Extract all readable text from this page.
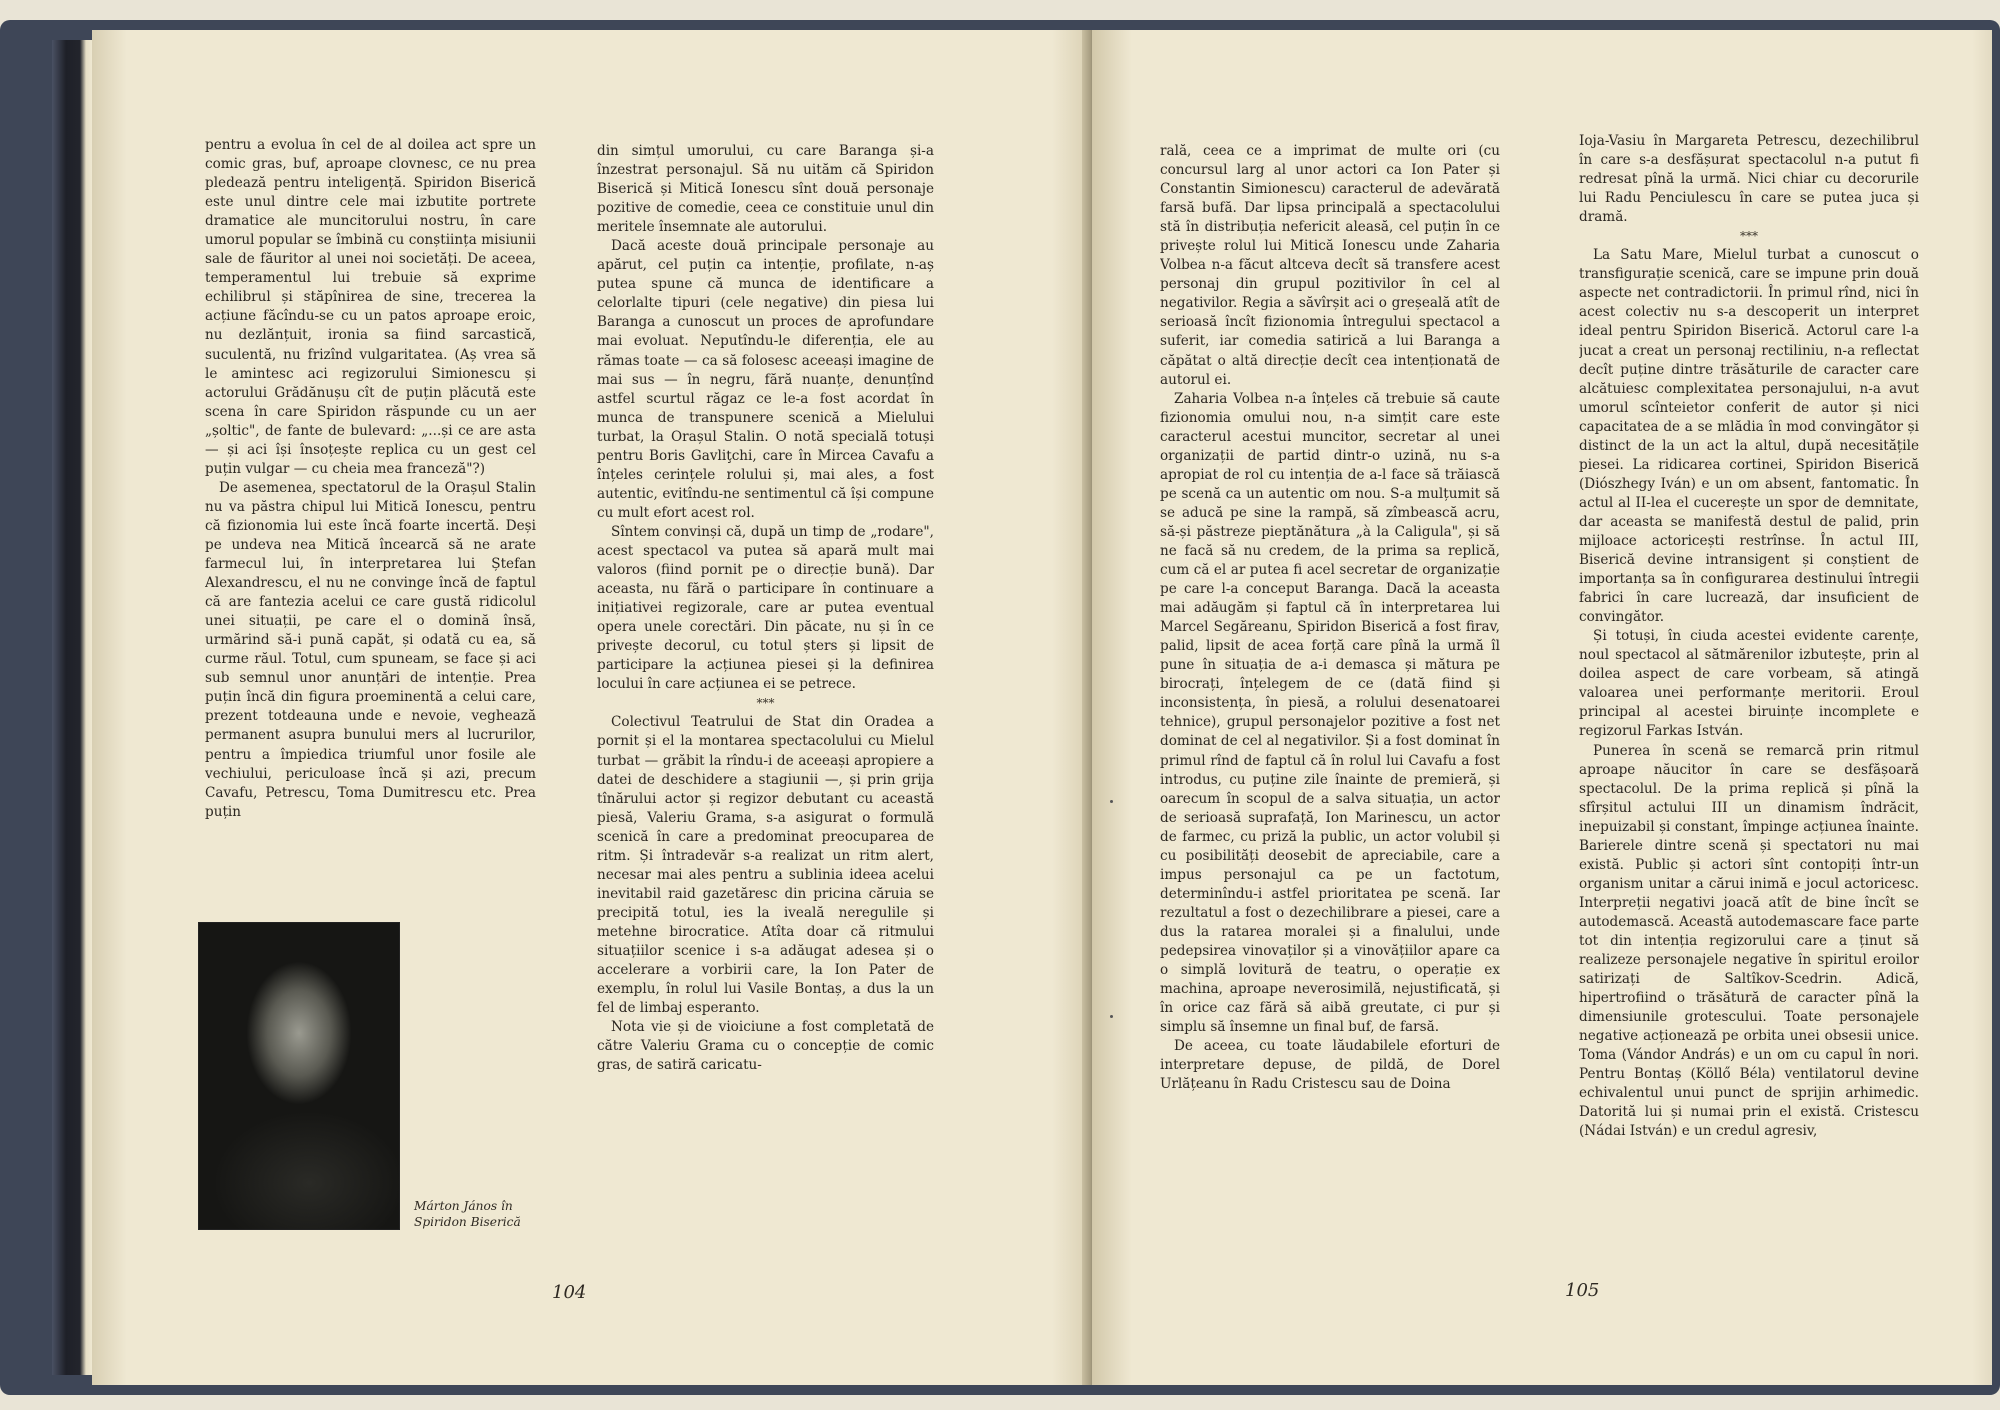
pentru a evolua în cel de al doilea act spre un comic gras, buf, aproape clovnesc, ce nu prea pledează pentru inteligență. Spiridon Biserică este unul dintre cele mai izbutite portrete dramatice ale muncitorului nostru, în care umorul popular se îmbină cu conștiința misiunii sale de făuritor al unei noi societăți. De aceea, temperamentul lui trebuie să exprime echilibrul și stăpînirea de sine, trecerea la acțiune făcîndu-se cu un patos aproape eroic, nu dezlănțuit, ironia sa fiind sarcastică, suculentă, nu frizînd vulgaritatea. (Aș vrea să le amintesc aci regizorului Simionescu și actorului Grădănușu cît de puțin plăcută este scena în care Spiridon răspunde cu un aer „șoltic", de fante de bulevard: „...și ce are asta — și aci își însoțește replica cu un gest cel puțin vulgar — cu cheia mea franceză"?)

De asemenea, spectatorul de la Orașul Stalin nu va păstra chipul lui Mitică Ionescu, pentru că fizionomia lui este încă foarte incertă. Deși pe undeva nea Mitică încearcă să ne arate farmecul lui, în interpretarea lui Ștefan Alexandrescu, el nu ne convinge încă de faptul că are fantezia acelui ce care gustă ridicolul unei situații, pe care el o domină însă, urmărind să-i pună capăt, și odată cu ea, să curme răul. Totul, cum spuneam, se face și aci sub semnul unor anunțări de intenție. Prea puțin încă din figura proeminentă a celui care, prezent totdeauna unde e nevoie, veghează permanent asupra bunului mers al lucrurilor, pentru a împiedica triumful unor fosile ale vechiului, periculoase încă și azi, precum Cavafu, Petrescu, Toma Dumitrescu etc. Prea puțin

din simțul umorului, cu care Baranga și-a înzestrat personajul. Să nu uităm că Spiridon Biserică și Mitică Ionescu sînt două personaje pozitive de comedie, ceea ce constituie unul din meritele însemnate ale autorului.

Dacă aceste două principale personaje au apărut, cel puțin ca intenție, profilate, n-aș putea spune că munca de identificare a celorlalte tipuri (cele negative) din piesa lui Baranga a cunoscut un proces de aprofundare mai evoluat. Neputîndu-le diferenția, ele au rămas toate — ca să folosesc aceeași imagine de mai sus — în negru, fără nuanțe, denunțînd astfel scurtul răgaz ce le-a fost acordat în munca de transpunere scenică a Mielului turbat, la Orașul Stalin. O notă specială totuși pentru Boris Gavliţchi, care în Mircea Cavafu a înțeles cerințele rolului și, mai ales, a fost autentic, evitîndu-ne sentimentul că își compune cu mult efort acest rol.

Sîntem convinși că, după un timp de „rodare", acest spectacol va putea să apară mult mai valoros (fiind pornit pe o direcție bună). Dar aceasta, nu fără o participare în continuare a inițiativei regizorale, care ar putea eventual opera unele corectări. Din păcate, nu și în ce privește decorul, cu totul șters și lipsit de participare la acțiunea piesei și la definirea locului în care acțiunea ei se petrece.

***

Colectivul Teatrului de Stat din Oradea a pornit și el la montarea spectacolului cu Mielul turbat — grăbit la rîndu-i de aceeași apropiere a datei de deschidere a stagiunii —, și prin grija tînărului actor și regizor debutant cu această piesă, Valeriu Grama, s-a asigurat o formulă scenică în care a predominat preocuparea de ritm. Și întradevăr s-a realizat un ritm alert, necesar mai ales pentru a sublinia ideea acelui inevitabil raid gazetăresc din pricina căruia se precipită totul, ies la iveală neregulile și metehne birocratice. Atîta doar că ritmului situațiilor scenice i s-a adăugat adesea și o accelerare a vorbirii care, la Ion Pater de exemplu, în rolul lui Vasile Bontaș, a dus la un fel de limbaj esperanto.

Nota vie și de vioiciune a fost completată de către Valeriu Grama cu o concepție de comic gras, de satiră caricatu-

Márton János în Spiridon Biserică
104

rală, ceea ce a imprimat de multe ori (cu concursul larg al unor actori ca Ion Pater și Constantin Simionescu) caracterul de adevărată farsă bufă. Dar lipsa principală a spectacolului stă în distribuția nefericit aleasă, cel puțin în ce privește rolul lui Mitică Ionescu unde Zaharia Volbea n-a făcut altceva decît să transfere acest personaj din grupul pozitivilor în cel al negativilor. Regia a săvîrșit aci o greșeală atît de serioasă încît fizionomia întregului spectacol a suferit, iar comedia satirică a lui Baranga a căpătat o altă direcție decît cea intenționată de autorul ei.

Zaharia Volbea n-a înțeles că trebuie să caute fizionomia omului nou, n-a simțit care este caracterul acestui muncitor, secretar al unei organizații de partid dintr-o uzină, nu s-a apropiat de rol cu intenția de a-l face să trăiască pe scenă ca un autentic om nou. S-a mulțumit să se aducă pe sine la rampă, să zîmbească acru, să-și păstreze pieptănătura „à la Caligula", și să ne facă să nu credem, de la prima sa replică, cum că el ar putea fi acel secretar de organizație pe care l-a conceput Baranga. Dacă la aceasta mai adăugăm și faptul că în interpretarea lui Marcel Segăreanu, Spiridon Biserică a fost firav, palid, lipsit de acea forță care pînă la urmă îl pune în situația de a-i demasca și mătura pe birocrați, înțelegem de ce (dată fiind și inconsistența, în piesă, a rolului desenatoarei tehnice), grupul personajelor pozitive a fost net dominat de cel al negativilor. Și a fost dominat în primul rînd de faptul că în rolul lui Cavafu a fost introdus, cu puține zile înainte de premieră, și oarecum în scopul de a salva situația, un actor de serioasă suprafață, Ion Marinescu, un actor de farmec, cu priză la public, un actor volubil și cu posibilități deosebit de apreciabile, care a impus personajul ca pe un factotum, determinîndu-i astfel prioritatea pe scenă. Iar rezultatul a fost o dezechilibrare a piesei, care a dus la ratarea moralei și a finalului, unde pedepsirea vinovaților și a vinovățiilor apare ca o simplă lovitură de teatru, o operație ex machina, aproape neverosimilă, nejustificată, și în orice caz fără să aibă greutate, ci pur și simplu să însemne un final buf, de farsă.

De aceea, cu toate lăudabilele eforturi de interpretare depuse, de pildă, de Dorel Urlățeanu în Radu Cristescu sau de Doina

Ioja-Vasiu în Margareta Petrescu, dezechilibrul în care s-a desfășurat spectacolul n-a putut fi redresat pînă la urmă. Nici chiar cu decorurile lui Radu Penciulescu în care se putea juca și dramă.

***

La Satu Mare, Mielul turbat a cunoscut o transfigurație scenică, care se impune prin două aspecte net contradictorii. În primul rînd, nici în acest colectiv nu s-a descoperit un interpret ideal pentru Spiridon Biserică. Actorul care l-a jucat a creat un personaj rectiliniu, n-a reflectat decît puține dintre trăsăturile de caracter care alcătuiesc complexitatea personajului, n-a avut umorul scînteietor conferit de autor și nici capacitatea de a se mlădia în mod convingător și distinct de la un act la altul, după necesitățile piesei. La ridicarea cortinei, Spiridon Biserică (Diószhegy Iván) e un om absent, fantomatic. În actul al II-lea el cucerește un spor de demnitate, dar aceasta se manifestă destul de palid, prin mijloace actoricești restrînse. În actul III, Biserică devine intransigent și conștient de importanța sa în configurarea destinului întregii fabrici în care lucrează, dar insuficient de convingător.

Și totuși, în ciuda acestei evidente carențe, noul spectacol al sătmărenilor izbutește, prin al doilea aspect de care vorbeam, să atingă valoarea unei performanțe meritorii. Eroul principal al acestei biruințe incomplete e regizorul Farkas István.

Punerea în scenă se remarcă prin ritmul aproape năucitor în care se desfășoară spectacolul. De la prima replică și pînă la sfîrșitul actului III un dinamism îndrăcit, inepuizabil și constant, împinge acțiunea înainte. Barierele dintre scenă și spectatori nu mai există. Public și actori sînt contopiți într-un organism unitar a cărui inimă e jocul actoricesc. Interpreții negativi joacă atît de bine încît se autodemască. Această autodemascare face parte tot din intenția regizorului care a ținut să realizeze personajele negative în spiritul eroilor satirizați de Saltîkov-Scedrin. Adică, hipertrofiind o trăsătură de caracter pînă la dimensiunile grotescului. Toate personajele negative acționează pe orbita unei obsesii unice. Toma (Vándor András) e un om cu capul în nori. Pentru Bontaș (Köllő Béla) ventilatorul devine echivalentul unui punct de sprijin arhimedic. Datorită lui și numai prin el există. Cristescu (Nádai István) e un credul agresiv,

105
